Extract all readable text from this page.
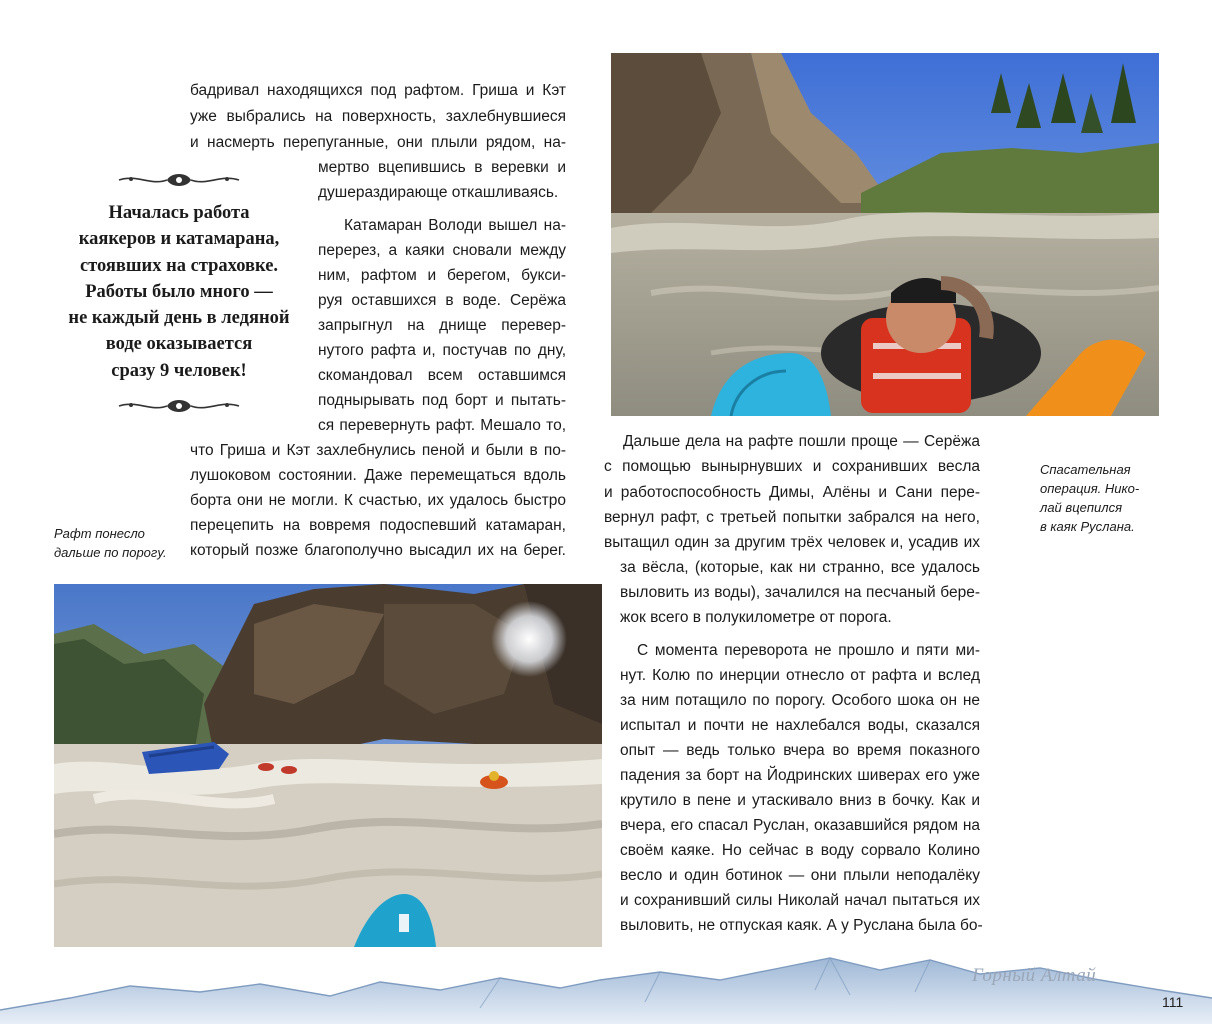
бадривал находящихся под рафтом. Гриша и Кэт
уже выбрались на поверхность, захлебнувшиеся
и насмерть перепуганные, они плыли рядом, на-
мертво вцепившись в веревки и
душераздирающе откашливаясь.
Катамаран Володи вышел на-
перерез, а каяки сновали между
ним, рафтом и берегом, букси-
руя оставшихся в воде. Серёжа
запрыгнул на днище перевер-
нутого рафта и, постучав по дну,
скомандовал всем оставшимся
поднырывать под борт и пытать-
ся перевернуть рафт. Мешало то,
что Гриша и Кэт захлебнулись пеной и были в по-
лушоковом состоянии. Даже перемещаться вдоль
борта они не могли. К счастью, их удалось быстро
перецепить на вовремя подоспевший катамаран,
который позже благополучно высадил их на берег.
Началась работа
каякеров и катамарана,
стоявших на страховке.
Работы было много —
не каждый день в ледяной
воде оказывается
сразу 9 человек!
Рафт понесло
дальше по порогу.
Спасательная
операция. Нико-
лай вцепился
в каяк Руслана.
Дальше дела на рафте пошли проще — Серёжа
с помощью вынырнувших и сохранивших весла
и работоспособность Димы, Алёны и Сани пере-
вернул рафт, с третьей попытки забрался на него,
вытащил один за другим трёх человек и, усадив их
за вёсла, (которые, как ни странно, все удалось
выловить из воды), зачалился на песчаный бере-
жок всего в полукилометре от порога.
С момента переворота не прошло и пяти ми-
нут. Колю по инерции отнесло от рафта и вслед
за ним потащило по порогу. Особого шока он не
испытал и почти не нахлебался воды, сказался
опыт — ведь только вчера во время показного
падения за борт на Йодринских шиверах его уже
крутило в пене и утаскивало вниз в бочку. Как и
вчера, его спасал Руслан, оказавшийся рядом на
своём каяке. Но сейчас в воду сорвало Колино
весло и один ботинок — они плыли неподалёку
и сохранивший силы Николай начал пытаться их
выловить, не отпуская каяк. А у Руслана была бо-
Горный Алтай
111
